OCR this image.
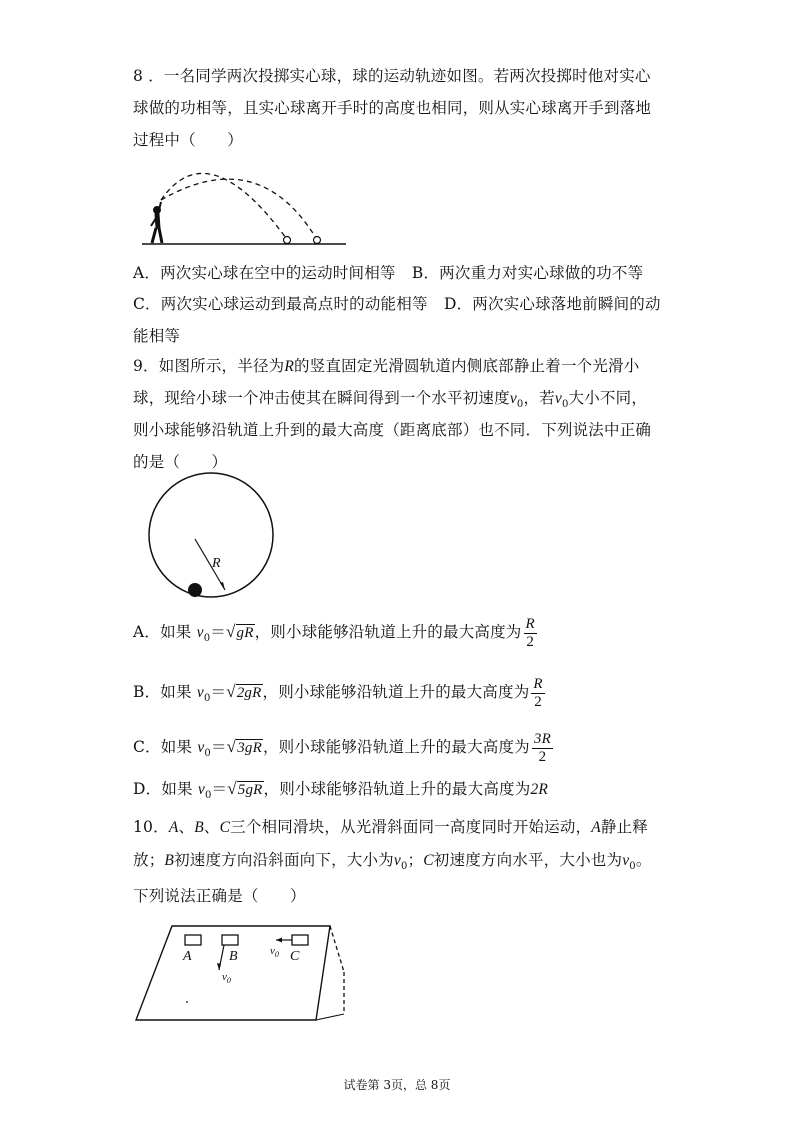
8 ．一名同学两次投掷实心球，球的运动轨迹如图。若两次投掷时他对实心
球做的功相等，且实心球离开手时的高度也相同，则从实心球离开手到落地
过程中（　　）
A．两次实心球在空中的运动时间相等 B．两次重力对实心球做的功不等
C．两次实心球运动到最高点时的动能相等 D．两次实心球落地前瞬间的动
能相等
9．如图所示，半径为R的竖直固定光滑圆轨道内侧底部静止着一个光滑小
球，现给小球一个冲击使其在瞬间得到一个水平初速度$v_0$，若$v_0$大小不同，
则小球能够沿轨道上升到的最大高度（距离底部）也不同．下列说法中正确
的是（　　）
R
A．如果 $v_0=√gR$，则小球能够沿轨道上升的最大高度为 $\frac{R}{2}$
B．如果 $v_0=√2gR$，则小球能够沿轨道上升的最大高度为 $\frac{R}{2}$
C．如果 $v_0=√3gR$，则小球能够沿轨道上升的最大高度为 $\frac{3R}{2}$
D．如果 $v_0=√5gR$，则小球能够沿轨道上升的最大高度为2R
10．A、B、C三个相同滑块，从光滑斜面同一高度同时开始运动，A静止释
放；B初速度方向沿斜面向下，大小为$v_0$；C初速度方向水平，大小也为$v_0$。
下列说法正确是（　　）
A	B	C
$v_0$
$v_0$
试卷第 3页，总 8页
